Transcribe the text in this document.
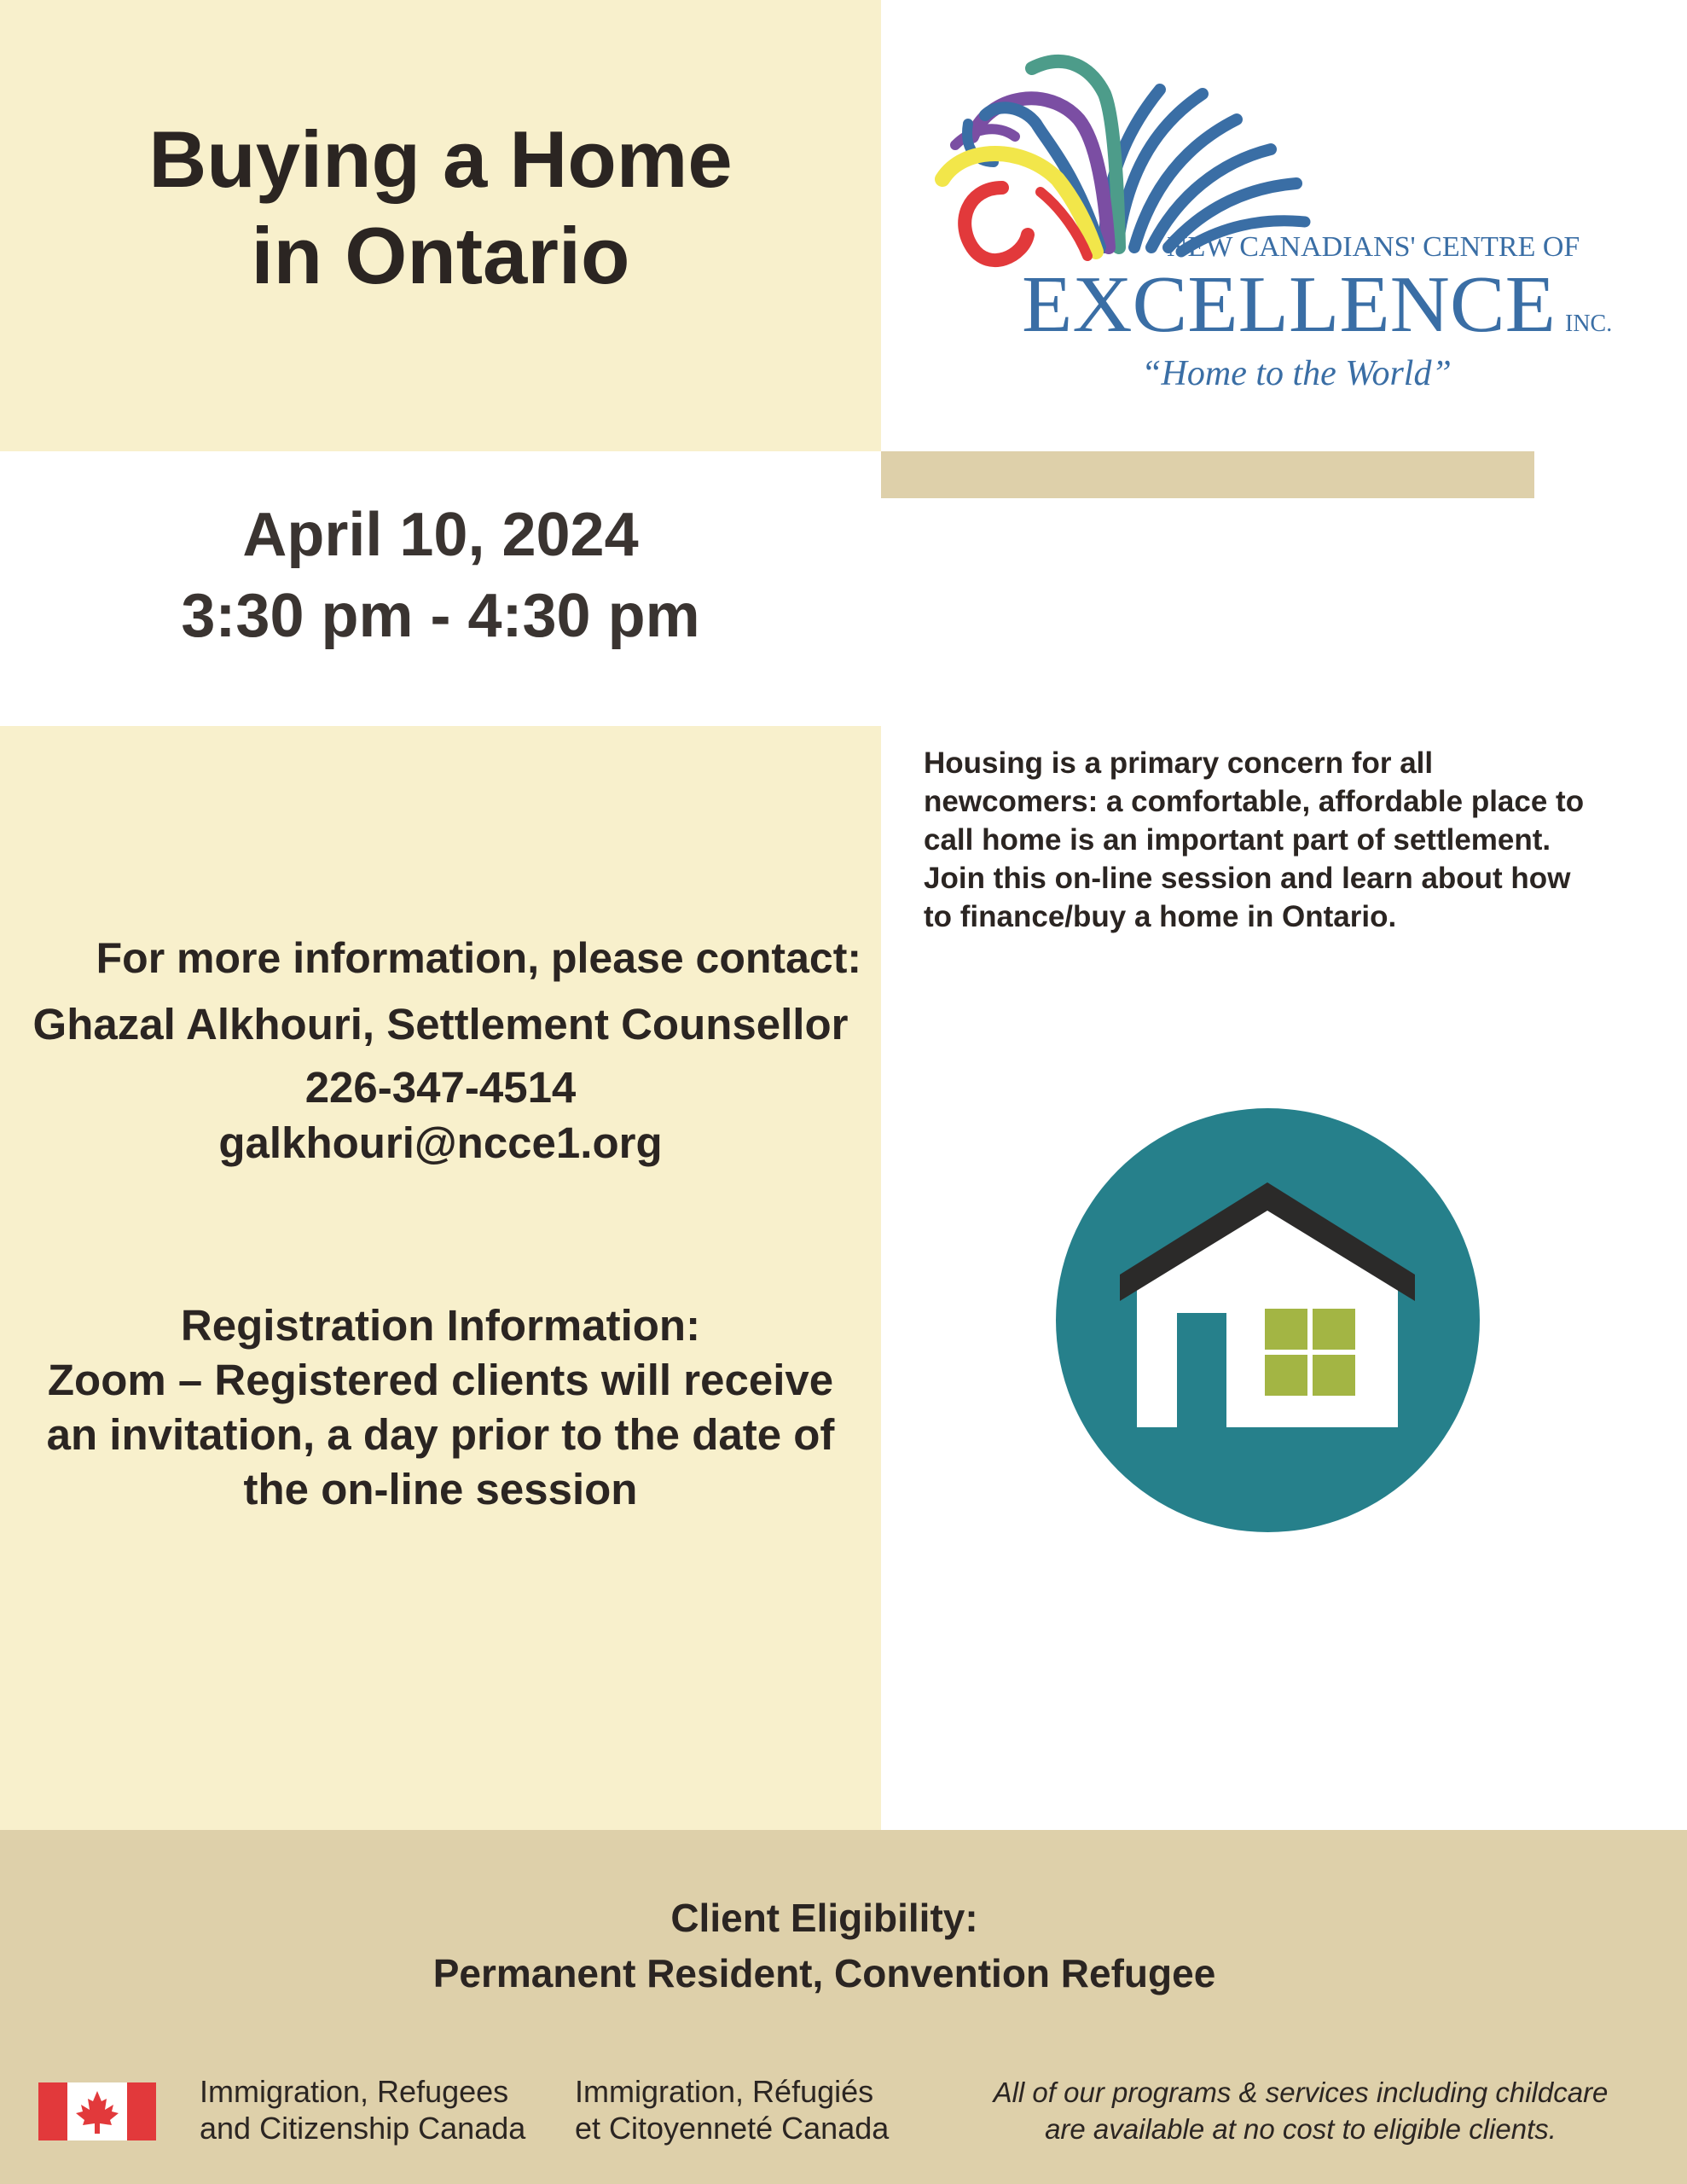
Buying a Home
in Ontario	NEW CANADIANS' CENTRE OF
EXCELLENCE INC.
“Home to the World”
April 10, 2024
3:30 pm - 4:30 pm
For more information, please contact:
Ghazal Alkhouri, Settlement Counsellor
226-347-4514
galkhouri@ncce1.org
Registration Information:
Zoom – Registered clients will receive
an invitation, a day prior to the date of
the on-line session
Housing is a primary concern for all
newcomers: a comfortable, affordable place to
call home is an important part of settlement.
Join this on-line session and learn about how
to finance/buy a home in Ontario.
Client Eligibility:
Permanent Resident, Convention Refugee
Immigration, Refugees
and Citizenship Canada
Immigration, Réfugiés
et Citoyenneté Canada
All of our programs & services including childcare
are available at no cost to eligible clients.
